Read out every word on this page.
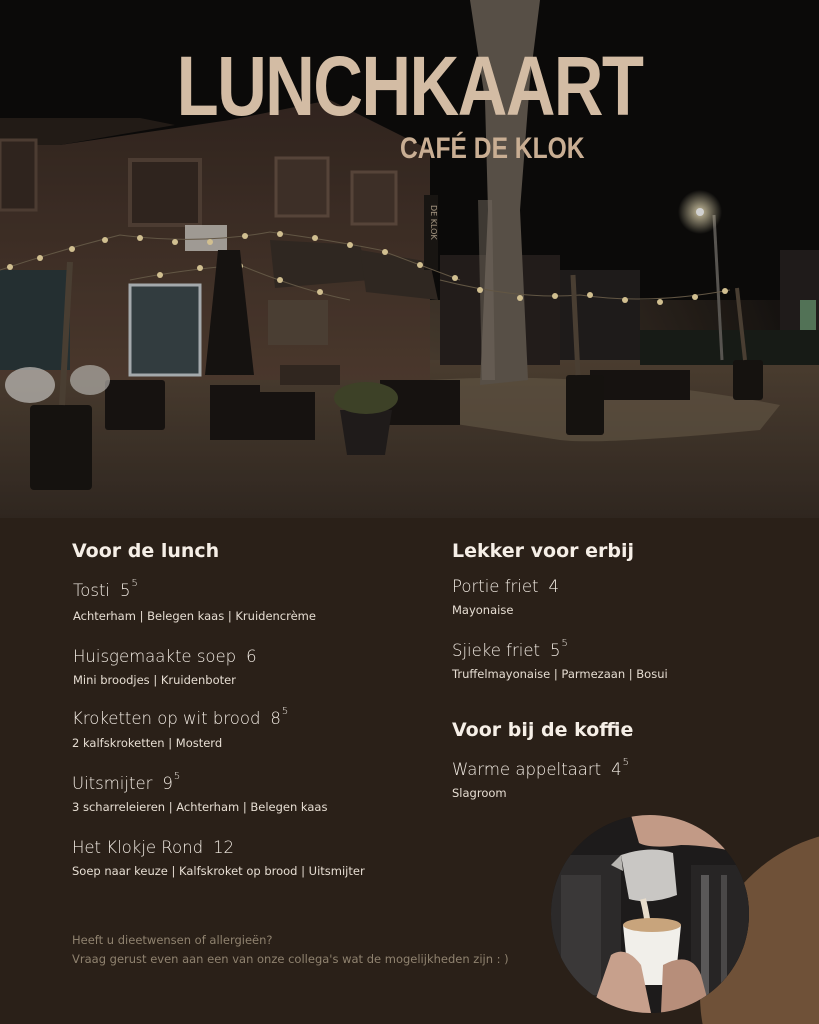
DE KLOK
LUNCHKAART
CAFÉ DE KLOK
Voor de lunch
Tosti $5^5$
Achterham | Belegen kaas | Kruidencrème
Huisgemaakte soep 6
Mini broodjes | Kruidenboter
Kroketten op wit brood $8^5$
2 kalfskroketten | Mosterd
Uitsmijter $9^5$
3 scharreleieren | Achterham | Belegen kaas
Het Klokje Rond 12
Soep naar keuze | Kalfskroket op brood | Uitsmijter
Lekker voor erbij
Portie friet 4
Mayonaise
Sjieke friet $5^5$
Truffelmayonaise | Parmezaan | Bosui
Voor bij de koffie
Warme appeltaart $4^5$
Slagroom
Heeft u dieetwensen of allergieën?
Vraag gerust even aan een van onze collega's wat de mogelijkheden zijn : )
